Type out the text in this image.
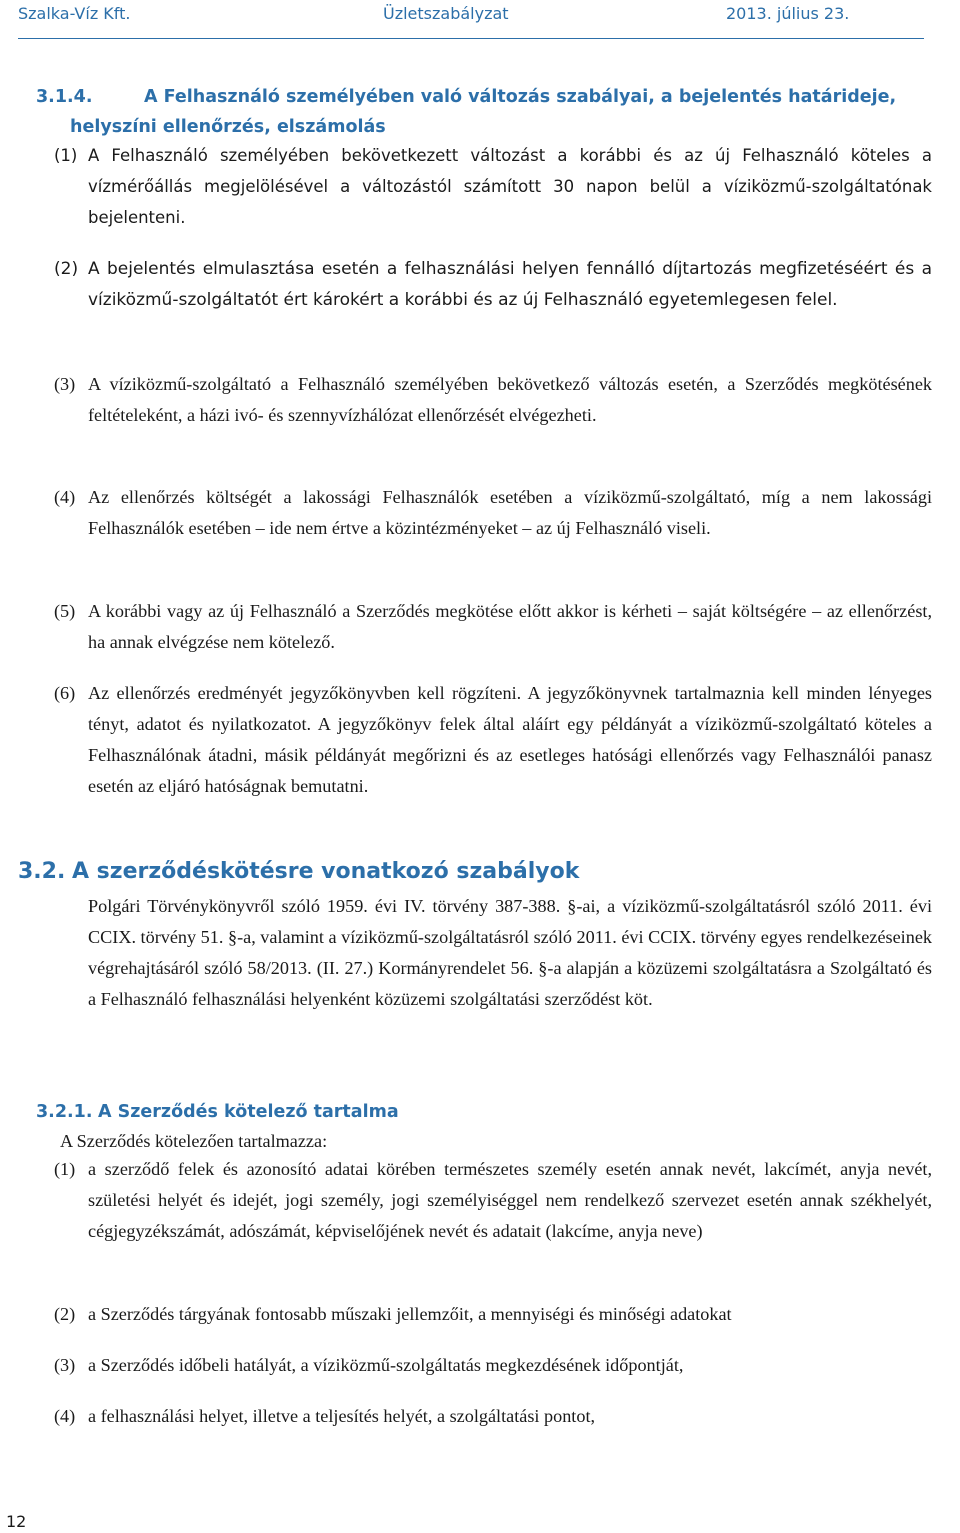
Szalka-Víz Kft.	Üzletszabályzat	2013. július 23.
3.1.4.	A Felhasználó személyében való változás szabályai, a bejelentés határideje,
helyszíni ellenőrzés, elszámolás
(1) A Felhasználó személyében bekövetkezett változást a korábbi és az új Felhasználó köteles a vízmérőállás megjelölésével a változástól számított 30 napon belül a víziközmű-szolgáltatónak bejelenteni.
(2) A bejelentés elmulasztása esetén a felhasználási helyen fennálló díjtartozás megfizetéséért és a víziközmű-szolgáltatót ért károkért a korábbi és az új Felhasználó egyetemlegesen felel.
(3) A víziközmű-szolgáltató a Felhasználó személyében bekövetkező változás esetén, a Szerződés megkötésének feltételeként, a házi ivó- és szennyvízhálózat ellenőrzését elvégezheti.
(4) Az ellenőrzés költségét a lakossági Felhasználók esetében a víziközmű-szolgáltató, míg a nem lakossági Felhasználók esetében – ide nem értve a közintézményeket – az új Felhasználó viseli.
(5) A korábbi vagy az új Felhasználó a Szerződés megkötése előtt akkor is kérheti – saját költségére – az ellenőrzést, ha annak elvégzése nem kötelező.
(6) Az ellenőrzés eredményét jegyzőkönyvben kell rögzíteni. A jegyzőkönyvnek tartalmaznia kell minden lényeges tényt, adatot és nyilatkozatot. A jegyzőkönyv felek által aláírt egy példányát a víziközmű-szolgáltató köteles a Felhasználónak átadni, másik példányát megőrizni és az esetleges hatósági ellenőrzés vagy Felhasználói panasz esetén az eljáró hatóságnak bemutatni.
3.2. A szerződéskötésre vonatkozó szabályok
Polgári Törvénykönyvről szóló 1959. évi IV. törvény 387-388. §-ai, a víziközmű-szolgáltatásról szóló 2011. évi CCIX. törvény 51. §-a, valamint a víziközmű-szolgáltatásról szóló 2011. évi CCIX. törvény egyes rendelkezéseinek végrehajtásáról szóló 58/2013. (II. 27.) Kormányrendelet 56. §-a alapján a közüzemi szolgáltatásra a Szolgáltató és a Felhasználó felhasználási helyenként közüzemi szolgáltatási szerződést köt.
3.2.1. A Szerződés kötelező tartalma
A Szerződés kötelezően tartalmazza:
(1) a szerződő felek és azonosító adatai körében természetes személy esetén annak nevét, lakcímét, anyja nevét, születési helyét és idejét, jogi személy, jogi személyiséggel nem rendelkező szervezet esetén annak székhelyét, cégjegyzékszámát, adószámát, képviselőjének nevét és adatait (lakcíme, anyja neve)
(2) a Szerződés tárgyának fontosabb műszaki jellemzőit, a mennyiségi és minőségi adatokat
(3) a Szerződés időbeli hatályát, a víziközmű-szolgáltatás megkezdésének időpontját,
(4) a felhasználási helyet, illetve a teljesítés helyét, a szolgáltatási pontot,
12
